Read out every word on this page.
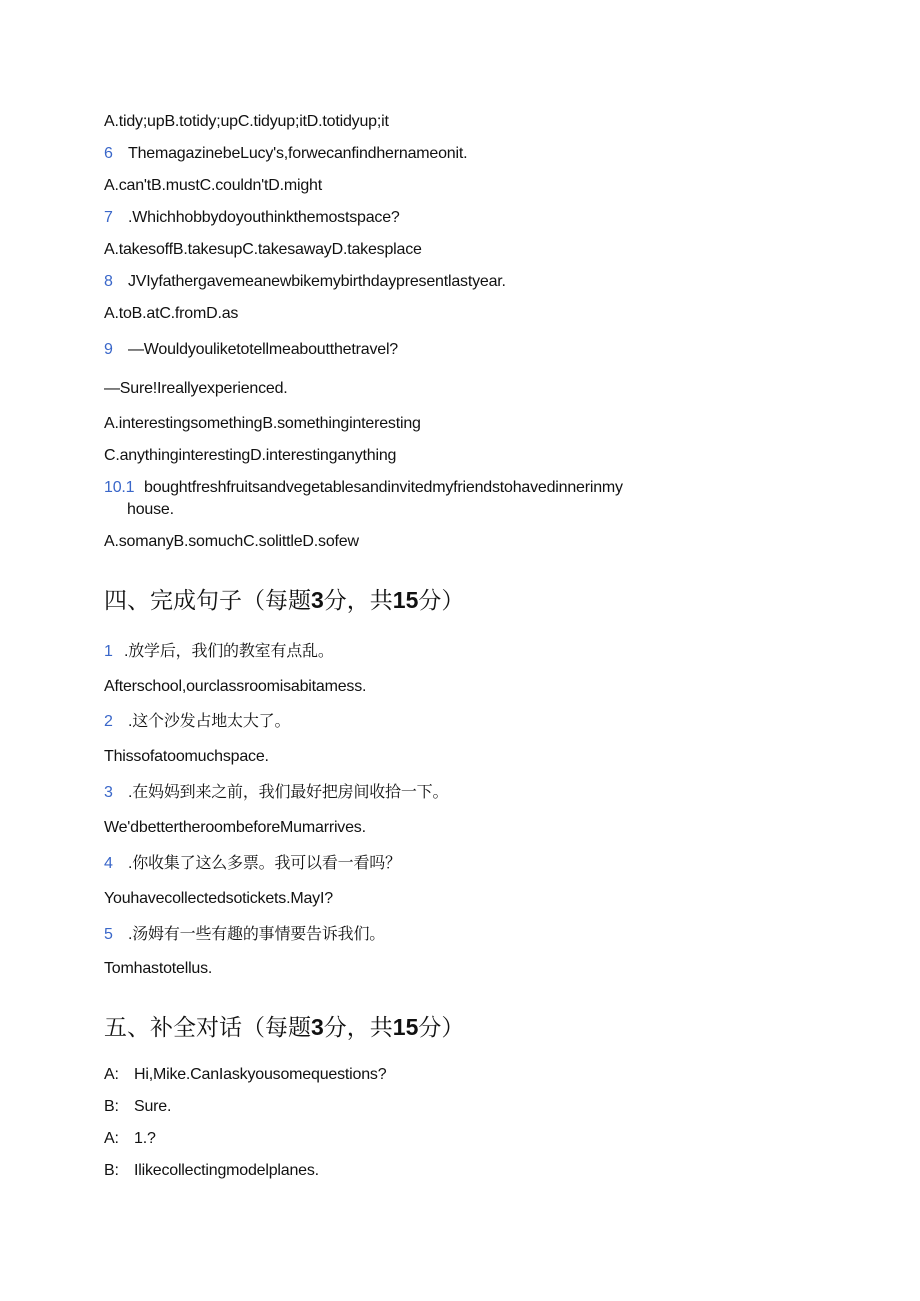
A.tidy;upB.totidy;upC.tidyup;itD.totidyup;it
6 ThemagazinebeLucy's,forwecanfindhernameonit.
A.can'tB.mustC.couldn'tD.might
7 .Whichhobbydoyouthinkthemostspace?
A.takesoffB.takesupC.takesawayD.takesplace
8 JVIyfathergavemeanewbikemybirthdaypresentlastyear.
A.toB.atC.fromD.as
9 —Wouldyouliketotellmeaboutthetravel?
—Sure!Ireallyexperienced.
A.interestingsomethingB.somethinginteresting
C.anythinginterestingD.interestinganything
10.1 boughtfreshfruitsandvegetablesandinvitedmyfriendstohavedinnerinmy
house.
A.somanyB.somuchC.solittleD.sofew
四、完成句子（每题3分，共15分）
1 .放学后，我们的教室有点乱。
Afterschool,ourclassroomisabitamess.
2 .这个沙发占地太大了。
Thissofatoomuchspace.
3 .在妈妈到来之前，我们最好把房间收拾一下。
We'dbettertheroombeforeMumarrives.
4 .你收集了这么多票。我可以看一看吗？
Youhavecollectedsotickets.MayI?
5 .汤姆有一些有趣的事情要告诉我们。
Tomhastotellus.
五、补全对话（每题3分，共15分）
A: Hi,Mike.CanIaskyousomequestions?
B: Sure.
A: 1.?
B: Ilikecollectingmodelplanes.
